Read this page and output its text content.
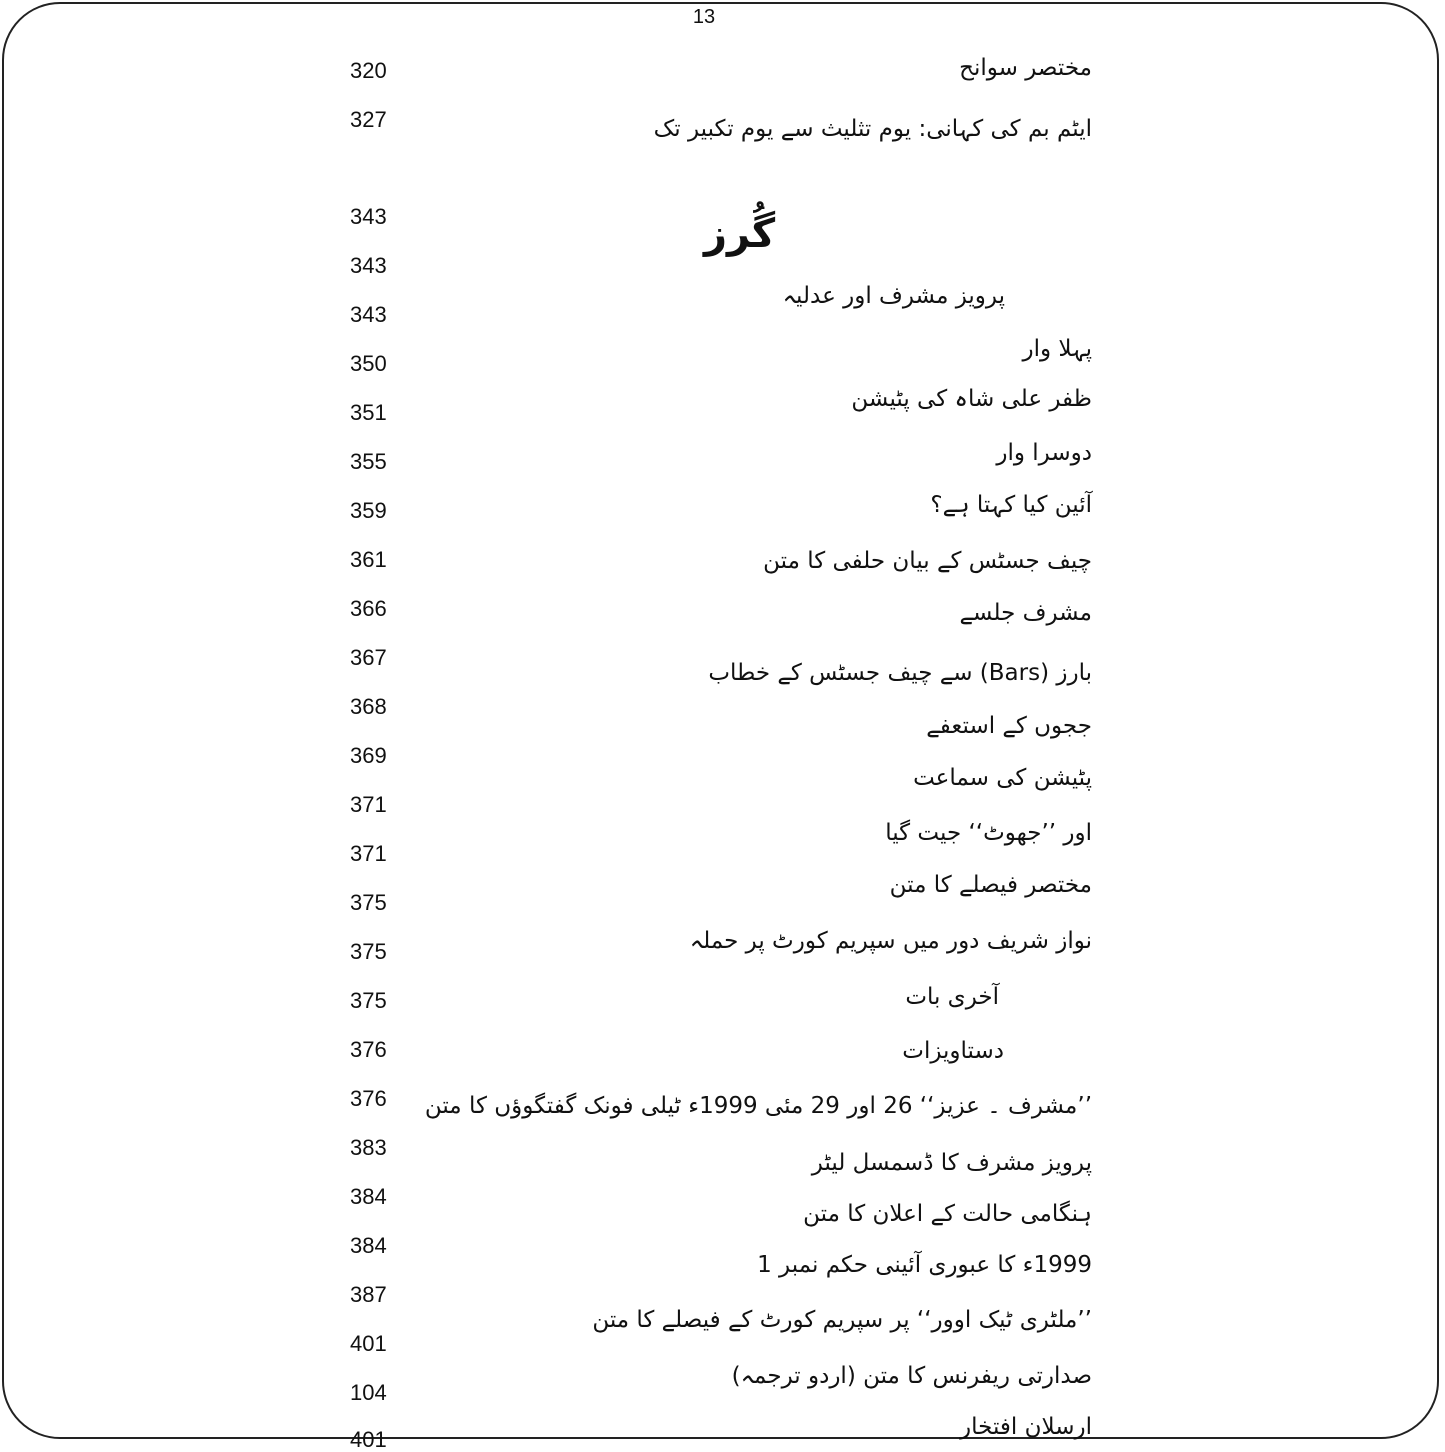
13
320
327
343
343
343
350
351
355
359
361
366
367
368
369
371
371
375
375
375
376
376
383
384
384
387
401
104
401
گُرز
مختصر سوانح
ایٹم بم کی کہانی: یوم تثلیث سے یوم تکبیر تک
پرویز مشرف اور عدلیہ
پہلا وار
ظفر علی شاہ کی پٹیشن
دوسرا وار
آئین کیا کہتا ہے؟
چیف جسٹس کے بیان حلفی کا متن
مشرف جلسے
بارز (Bars) سے چیف جسٹس کے خطاب
ججوں کے استعفے
پٹیشن کی سماعت
اور ’’جھوٹ‘‘ جیت گیا
مختصر فیصلے کا متن
نواز شریف دور میں سپریم کورٹ پر حملہ
آخری بات
دستاویزات
’’مشرف ۔ عزیز‘‘ 26 اور 29 مئی 1999ء ٹیلی فونک گفتگوؤں کا متن
پرویز مشرف کا ڈسمسل لیٹر
ہنگامی حالت کے اعلان کا متن
1999ء کا عبوری آئینی حکم نمبر 1
’’ملٹری ٹیک اوور‘‘ پر سپریم کورٹ کے فیصلے کا متن
صدارتی ریفرنس کا متن (اردو ترجمہ)
ارسلان افتخار
